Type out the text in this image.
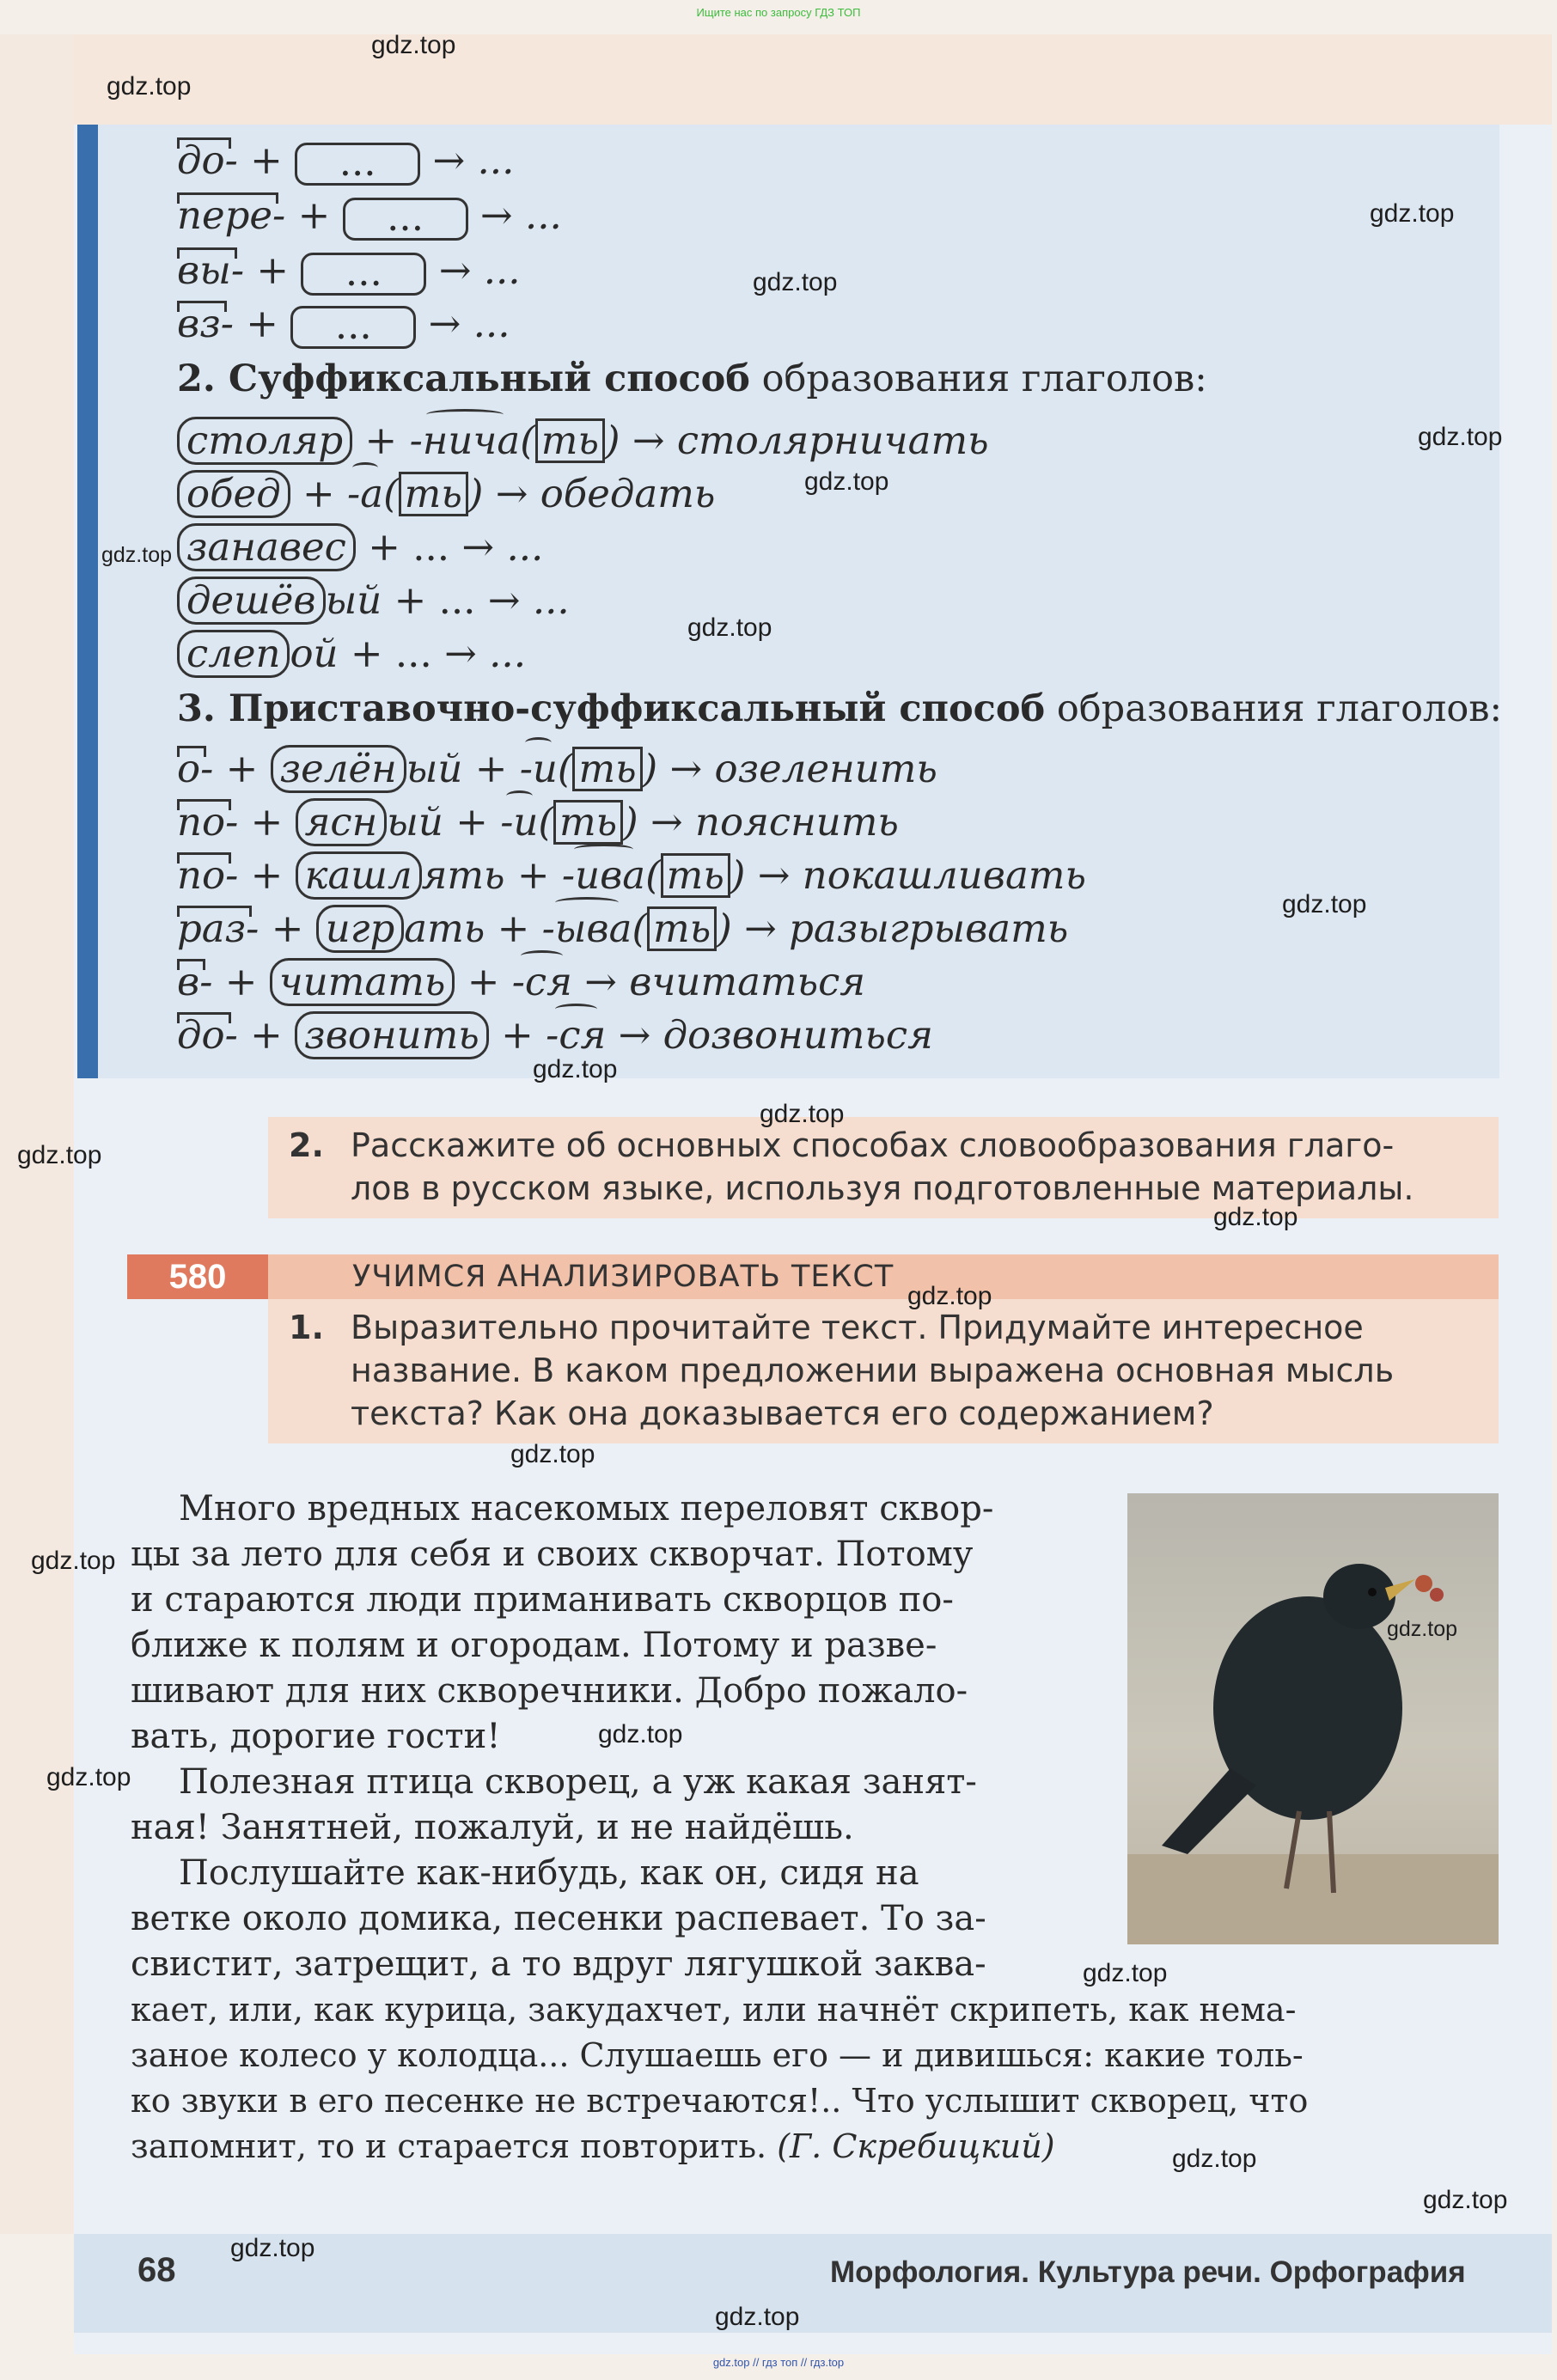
Ищите нас по запросу ГДЗ ТОП
до- + ... → ...
пере- + ... → ...
вы- + ... → ...
вз- + ... → ...
2. Суффиксальный способ образования глаголов:
столяр + -нича( ть ) → столярничать
обед + -а( ть ) → обедать
занавес + ... → ...
дешёв ый + ... → ...
слеп ой + ... → ...
3. Приставочно-суффиксальный способ образования глаголов:
о- + зелён ый + -и( ть ) → озеленить
по- + ясн ый + -и( ть ) → пояснить
по- + кашл ять + -ива( ть ) → покашливать
раз- + игр ать + -ыва( ть ) → разыгрывать
в- + читать + -ся → вчитаться
до- + звонить + -ся → дозвониться
2. Расскажите об основных способах словообразования глаго-
лов в русском языке, используя подготовленные материалы.
580	УЧИМСЯ АНАЛИЗИРОВАТЬ ТЕКСТ
1. Выразительно прочитайте текст. Придумайте интересное
название. В каком предложении выражена основная мысль
текста? Как она доказывается его содержанием?
Много вредных насекомых переловят сквор-
цы за лето для себя и своих скворчат. Потому
и стараются люди приманивать скворцов по-
ближе к полям и огородам. Потому и разве-
шивают для них скворечники. Добро пожало-
вать, дорогие гости!
Полезная птица скворец, а уж какая занят-
ная! Занятней, пожалуй, и не найдёшь.
Послушайте как-нибудь, как он, сидя на
ветке около домика, песенки распевает. То за-
свистит, затрещит, а то вдруг лягушкой заква-
кает, или, как курица, закудахчет, или начнёт скрипеть, как нема-
заное колесо у колодца... Слушаешь его — и дивишься: какие толь-
ко звуки в его песенке не встречаются!.. Что услышит скворец, что
запомнит, то и старается повторить. (Г. Скребицкий)
68	Морфология. Культура речи. Орфография
gdz.top
gdz.top
gdz.top
gdz.top
gdz.top
gdz.top
gdz.top
gdz.top
gdz.top
gdz.top
gdz.top
gdz.top
gdz.top
gdz.top
gdz.top
gdz.top
gdz.top
gdz.top
gdz.top
gdz.top
gdz.top
gdz.top
gdz.top
gdz.top
gdz.top // гдз топ // гдз.top
